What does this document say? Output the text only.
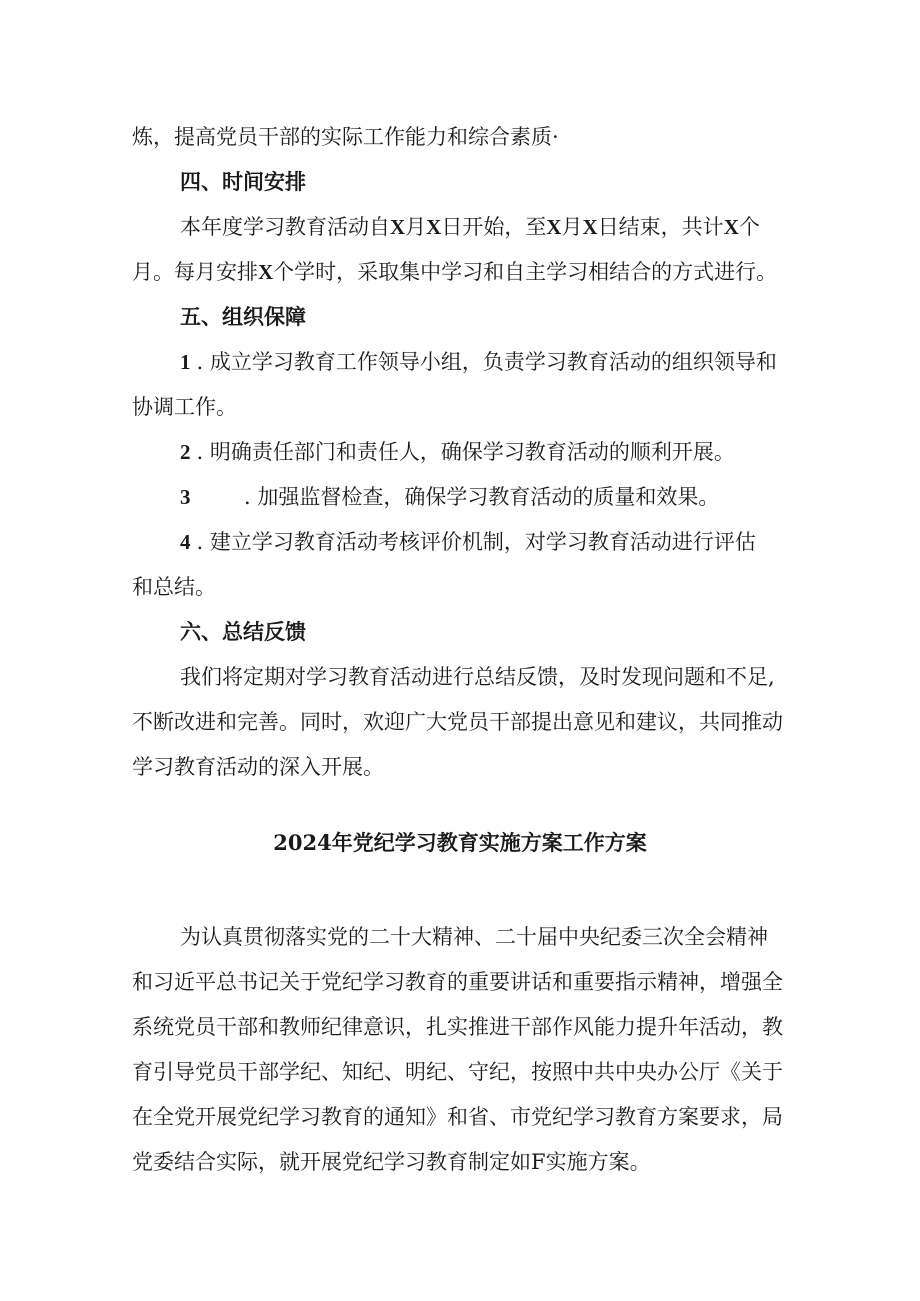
炼，提高党员干部的实际工作能力和综合素质·
四、时间安排
本年度学习教育活动自X月X日开始，至X月X日结束，共计X个
月。每月安排X个学时，采取集中学习和自主学习相结合的方式进行。
五、组织保障
1 . 成立学习教育工作领导小组，负责学习教育活动的组织领导和
协调工作。
2 . 明确责任部门和责任人，确保学习教育活动的顺利开展。
3	. 加强监督检查，确保学习教育活动的质量和效果。
4 . 建立学习教育活动考核评价机制，对学习教育活动进行评估
和总结。
六、总结反馈
我们将定期对学习教育活动进行总结反馈，及时发现问题和不足,
不断改进和完善。同时，欢迎广大党员干部提出意见和建议，共同推动
学习教育活动的深入开展。
2024年党纪学习教育实施方案工作方案
为认真贯彻落实党的二十大精神、二十届中央纪委三次全会精神
和习近平总书记关于党纪学习教育的重要讲话和重要指示精神，增强全
系统党员干部和教师纪律意识，扎实推进干部作风能力提升年活动，教
育引导党员干部学纪、知纪、明纪、守纪，按照中共中央办公厅《关于
在全党开展党纪学习教育的通知》和省、市党纪学习教育方案要求，局
党委结合实际，就开展党纪学习教育制定如F实施方案。
